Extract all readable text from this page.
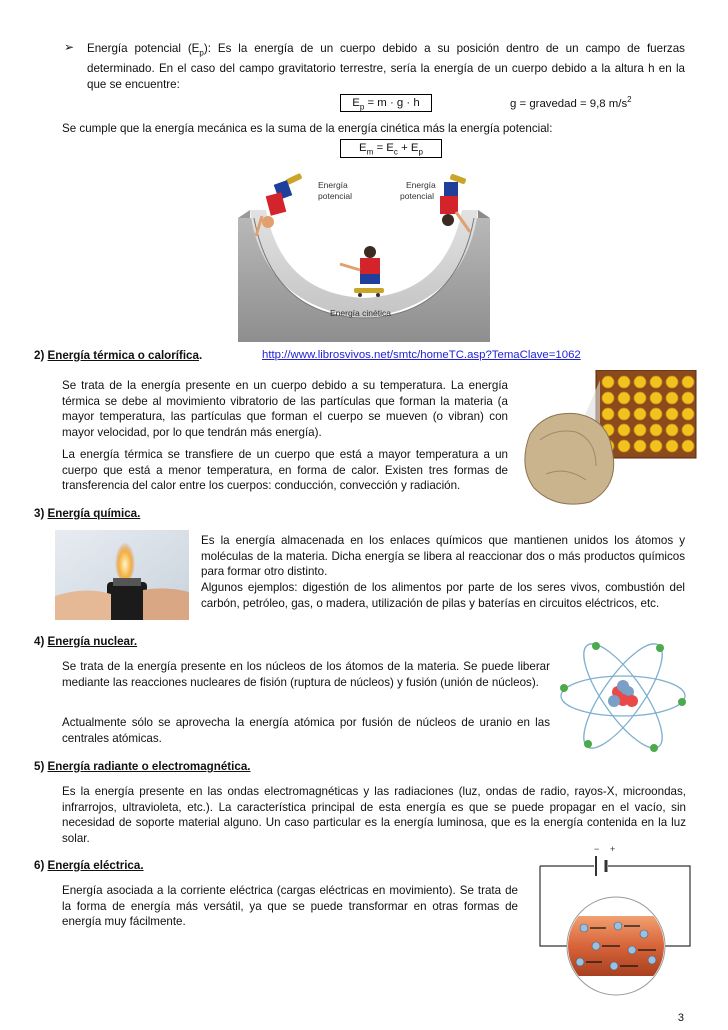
➢ Energía potencial $(E_p)$: Es la energía de un cuerpo debido a su posición dentro de un campo de fuerzas determinado. En el caso del campo gravitatorio terrestre, sería la energía de un cuerpo debido a la altura h en la que se encuentre:
$E_p = m \cdot g \cdot h$	g = gravedad = 9,8 $m/s^2$
Se cumple que la energía mecánica es la suma de la energía cinética más la energía potencial:
$E_m = E_c + E_p$
Energía
potencial
Energía
potencial
Energía cinética
2) Energía térmica o calorífica.	http://www.librosvivos.net/smtc/homeTC.asp?TemaClave=1062
Se trata de la energía presente en un cuerpo debido a su temperatura. La energía térmica se debe al movimiento vibratorio de las partículas que forman la materia (a mayor temperatura, las partículas que forman el cuerpo se mueven (o vibran) con mayor velocidad, por lo que tendrán más energía).
La energía térmica se transfiere de un cuerpo que está a mayor temperatura a un cuerpo que está a menor temperatura, en forma de calor. Existen tres formas de transferencia del calor entre los cuerpos: conducción, convección y radiación.
3) Energía química.
Es la energía almacenada en los enlaces químicos que mantienen unidos los átomos y moléculas de la materia. Dicha energía se libera al reaccionar dos o más productos químicos para formar otro distinto.
Algunos ejemplos: digestión de los alimentos por parte de los seres vivos, combustión del carbón, petróleo, gas, o madera, utilización de pilas y baterías en circuitos eléctricos, etc.
4) Energía nuclear.
Se trata de la energía presente en los núcleos de los átomos de la materia. Se puede liberar mediante las reacciones nucleares de fisión (ruptura de núcleos) y fusión (unión de núcleos).
Actualmente sólo se aprovecha la energía atómica por fusión de núcleos de uranio en las centrales atómicas.
5) Energía radiante o electromagnética.
Es la energía presente en las ondas electromagnéticas y las radiaciones (luz, ondas de radio, rayos-X, microondas, infrarrojos, ultravioleta, etc.). La característica principal de esta energía es que se puede propagar en el vacío, sin necesidad de soporte material alguno. Un caso particular es la energía luminosa, que es la energía contenida en la luz solar.
6) Energía eléctrica.
Energía asociada a la corriente eléctrica (cargas eléctricas en movimiento). Se trata de la forma de energía más versátil, ya que se puede transformar en otras formas de energía muy fácilmente.
− +
3
